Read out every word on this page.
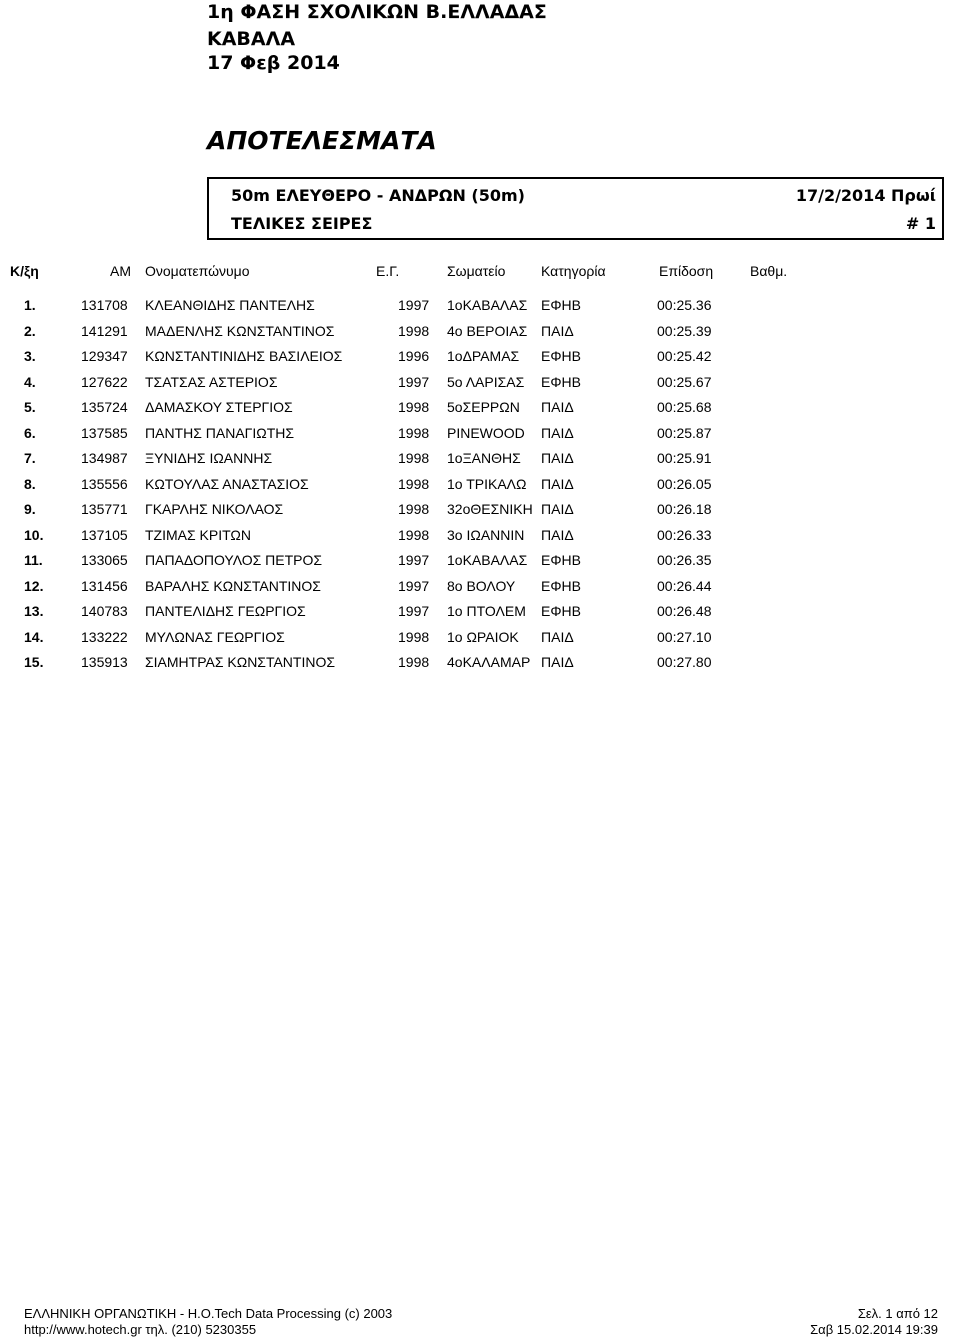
1η ΦΑΣΗ ΣΧΟΛΙΚΩΝ Β.ΕΛΛΑΔΑΣ
ΚΑΒΑΛΑ
17 Φεβ 2014
ΑΠΟΤΕΛΕΣΜΑΤΑ
50m ΕΛΕΥΘΕΡΟ - ΑΝΔΡΩΝ (50m)
ΤΕΛΙΚΕΣ ΣΕΙΡΕΣ
17/2/2014 Πρωί
# 1
Κ/ξη	ΑΜ Ονοματεπώνυμο	Ε.Γ.	Σωματείο	Κατηγορία	Επίδοση	Βαθμ.
1.	131708 ΚΛΕΑΝΘΙΔΗΣ ΠΑΝΤΕΛΗΣ	1997 1οΚΑΒΑΛΑΣ ΕΦΗΒ	00:25.36
2.	141291 ΜΑΔΕΝΛΗΣ ΚΩΝΣΤΑΝΤΙΝΟΣ	1998 4ο ΒΕΡΟΙΑΣ ΠΑΙΔ	00:25.39
3.	129347 ΚΩΝΣΤΑΝΤΙΝΙΔΗΣ ΒΑΣΙΛΕΙΟΣ	1996 1οΔΡΑΜΑΣ ΕΦΗΒ	00:25.42
4.	127622 ΤΣΑΤΣΑΣ ΑΣΤΕΡΙΟΣ	1997 5ο ΛΑΡΙΣΑΣ ΕΦΗΒ	00:25.67
5.	135724 ΔΑΜΑΣΚΟΥ ΣΤΕΡΓΙΟΣ	1998 5οΣΕΡΡΩΝ ΠΑΙΔ	00:25.68
6.	137585 ΠΑΝΤΗΣ ΠΑΝΑΓΙΩΤΗΣ	1998 PINEWOOD ΠΑΙΔ	00:25.87
7.	134987 ΞΥΝΙΔΗΣ ΙΩΑΝΝΗΣ	1998 1οΞΑΝΘΗΣ ΠΑΙΔ	00:25.91
8.	135556 ΚΩΤΟΥΛΑΣ ΑΝΑΣΤΑΣΙΟΣ	1998 1ο ΤΡΙΚΑΛΩ ΠΑΙΔ	00:26.05
9.	135771 ΓΚΑΡΛΗΣ ΝΙΚΟΛΑΟΣ	1998 32οΘΕΣΝΙΚΗ ΠΑΙΔ	00:26.18
10.	137105 ΤΖΙΜΑΣ ΚΡΙΤΩΝ	1998 3ο ΙΩΑΝΝΙΝ ΠΑΙΔ	00:26.33
11.	133065 ΠΑΠΑΔΟΠΟΥΛΟΣ ΠΕΤΡΟΣ	1997 1οΚΑΒΑΛΑΣ ΕΦΗΒ	00:26.35
12.	131456 ΒΑΡΑΛΗΣ ΚΩΝΣΤΑΝΤΙΝΟΣ	1997 8ο ΒΟΛΟΥ ΕΦΗΒ	00:26.44
13.	140783 ΠΑΝΤΕΛΙΔΗΣ ΓΕΩΡΓΙΟΣ	1997 1ο ΠΤΟΛΕΜ ΕΦΗΒ	00:26.48
14.	133222 ΜΥΛΩΝΑΣ ΓΕΩΡΓΙΟΣ	1998 1ο ΩΡΑΙΟΚ ΠΑΙΔ	00:27.10
15.	135913 ΣΙΑΜΗΤΡΑΣ ΚΩΝΣΤΑΝΤΙΝΟΣ	1998 4οΚΑΛΑΜΑΡ ΠΑΙΔ	00:27.80
ΕΛΛΗΝΙΚΗ ΟΡΓΑΝΩΤΙΚΗ - Η.Ο.Tech Data Processing (c) 2003
http://www.hotech.gr τηλ. (210) 5230355
Σελ. 1 από 12
Σαβ 15.02.2014 19:39
